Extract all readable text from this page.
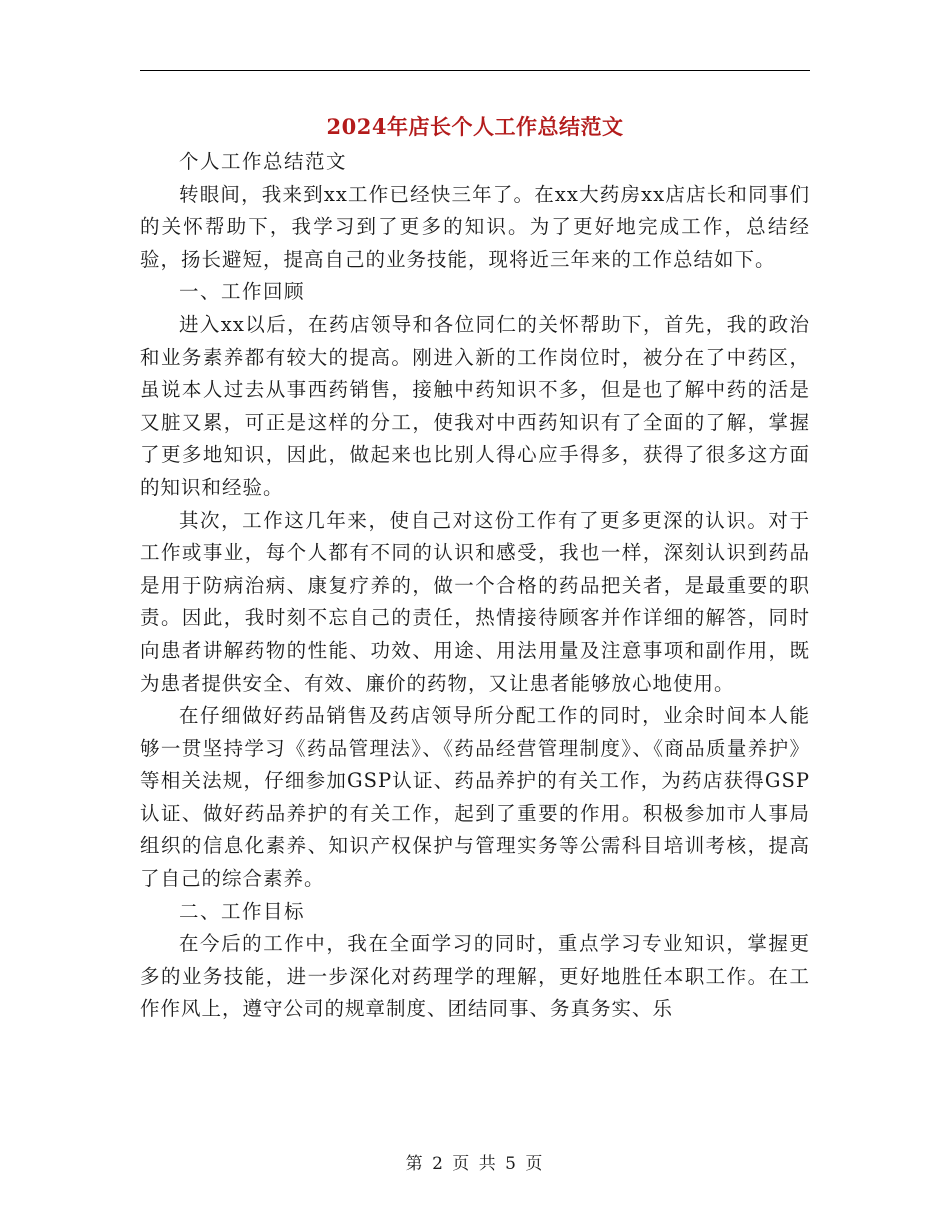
2024年店长个人工作总结范文

个人工作总结范文

转眼间，我来到xx工作已经快三年了。在xx大药房xx店店长和同事们的关怀帮助下，我学习到了更多的知识。为了更好地完成工作，总结经验，扬长避短，提高自己的业务技能，现将近三年来的工作总结如下。

一、工作回顾

进入xx以后，在药店领导和各位同仁的关怀帮助下，首先，我的政治和业务素养都有较大的提高。刚进入新的工作岗位时，被分在了中药区，虽说本人过去从事西药销售，接触中药知识不多，但是也了解中药的活是又脏又累，可正是这样的分工，使我对中西药知识有了全面的了解，掌握了更多地知识，因此，做起来也比别人得心应手得多，获得了很多这方面的知识和经验。

其次，工作这几年来，使自己对这份工作有了更多更深的认识。对于工作或事业，每个人都有不同的认识和感受，我也一样，深刻认识到药品是用于防病治病、康复疗养的，做一个合格的药品把关者，是最重要的职责。因此，我时刻不忘自己的责任，热情接待顾客并作详细的解答，同时向患者讲解药物的性能、功效、用途、用法用量及注意事项和副作用，既为患者提供安全、有效、廉价的药物，又让患者能够放心地使用。

在仔细做好药品销售及药店领导所分配工作的同时，业余时间本人能够一贯坚持学习《药品管理法》、《药品经营管理制度》、《商品质量养护》等相关法规，仔细参加GSP认证、药品养护的有关工作，为药店获得GSP认证、做好药品养护的有关工作，起到了重要的作用。积极参加市人事局组织的信息化素养、知识产权保护与管理实务等公需科目培训考核，提高了自己的综合素养。

二、工作目标

在今后的工作中，我在全面学习的同时，重点学习专业知识，掌握更多的业务技能，进一步深化对药理学的理解，更好地胜任本职工作。在工作作风上，遵守公司的规章制度、团结同事、务真务实、乐

第 2 页 共 5 页
